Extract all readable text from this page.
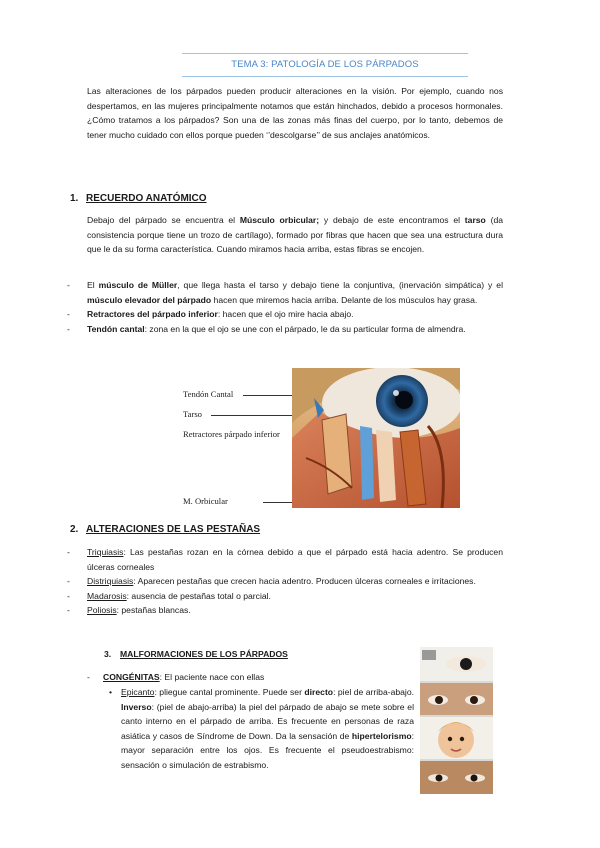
TEMA 3: PATOLOGÍA DE LOS PÁRPADOS
Las alteraciones de los párpados pueden producir alteraciones en la visión. Por ejemplo, cuando nos despertamos, en las mujeres principalmente notamos que están hinchados, debido a procesos hormonales. ¿Cómo tratamos a los párpados? Son una de las zonas más finas del cuerpo, por lo tanto, debemos de tener mucho cuidado con ellos porque pueden ‘’descolgarse’’ de sus anclajes anatómicos.
1. RECUERDO ANATÓMICO
Debajo del párpado se encuentra el Músculo orbicular; y debajo de este encontramos el tarso (da consistencia porque tiene un trozo de cartílago), formado por fibras que hacen que sea una estructura dura que le da su forma característica. Cuando miramos hacia arriba, estas fibras se encojen.
- El músculo de Müller, que llega hasta el tarso y debajo tiene la conjuntiva, (inervación simpática) y el músculo elevador del párpado hacen que miremos hacia arriba. Delante de los músculos hay grasa.
- Retractores del párpado inferior: hacen que el ojo mire hacia abajo.
- Tendón cantal: zona en la que el ojo se une con el párpado, le da su particular forma de almendra.
Tendón Cantal
Tarso
Retractores párpado inferior
M. Orbicular
2. ALTERACIONES DE LAS PESTAÑAS
- Triquiasis: Las pestañas rozan en la córnea debido a que el párpado está hacia adentro. Se producen úlceras corneales
- Distriquiasis: Aparecen pestañas que crecen hacia adentro. Producen úlceras corneales e irritaciones.
- Madarosis: ausencia de pestañas total o parcial.
- Poliosis: pestañas blancas.
3. MALFORMACIONES DE LOS PÁRPADOS
- CONGÉNITAS: El paciente nace con ellas
• Epicanto: pliegue cantal prominente. Puede ser directo: piel de arriba-abajo. Inverso: (piel de abajo-arriba) la piel del párpado de abajo se mete sobre el canto interno en el párpado de arriba. Es frecuente en personas de raza asiática y casos de Síndrome de Down. Da la sensación de hipertelorismo: mayor separación entre los ojos. Es frecuente el pseudoestrabismo: sensación o simulación de estrabismo.
